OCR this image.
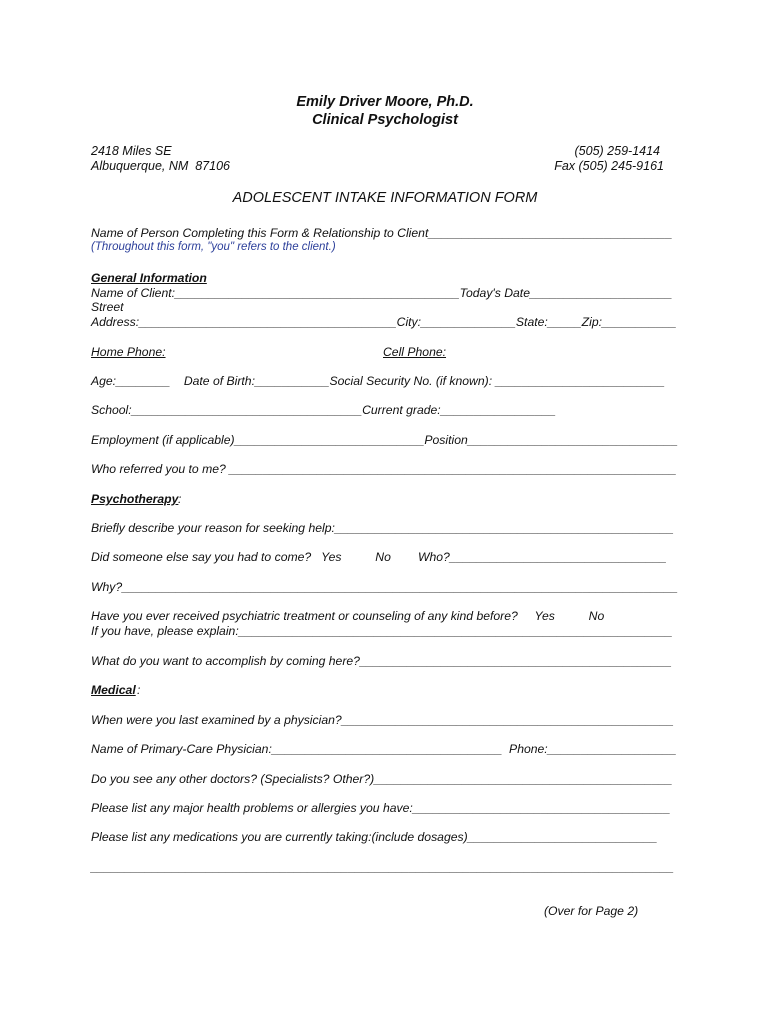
Emily Driver Moore, Ph.D.
Clinical Psychologist
2418 Miles SE
Albuquerque, NM  87106
(505) 259-1414
Fax (505) 245-9161
ADOLESCENT INTAKE INFORMATION FORM
Name of Person Completing this Form & Relationship to Client____________________________________
(Throughout this form, "you" refers to the client.)
General Information
Name of Client:__________________________________________Today's Date_____________________
Street
Address:______________________________________City:______________State:_____Zip:___________
Home Phone:	Cell Phone:
Age:________    Date of Birth:___________Social Security No. (if known): _________________________
School:__________________________________Current grade:_________________
Employment (if applicable)____________________________Position_______________________________
Who referred you to me? __________________________________________________________________
Psychotherapy :
Briefly describe your reason for seeking help:__________________________________________________
Did someone else say you had to come?   Yes          No        Who?________________________________
Why?__________________________________________________________________________________
Have you ever received psychiatric treatment or counseling of any kind before?     Yes          No
If you have, please explain:________________________________________________________________
What do you want to accomplish by coming here?______________________________________________
Medical :
When were you last examined by a physician?_________________________________________________
Name of Primary-Care Physician:__________________________________  Phone:___________________
Do you see any other doctors? (Specialists? Other?)____________________________________________
Please list any major health problems or allergies you have:______________________________________
Please list any medications you are currently taking:(include dosages)____________________________
______________________________________________________________________________________
(Over for Page 2)
